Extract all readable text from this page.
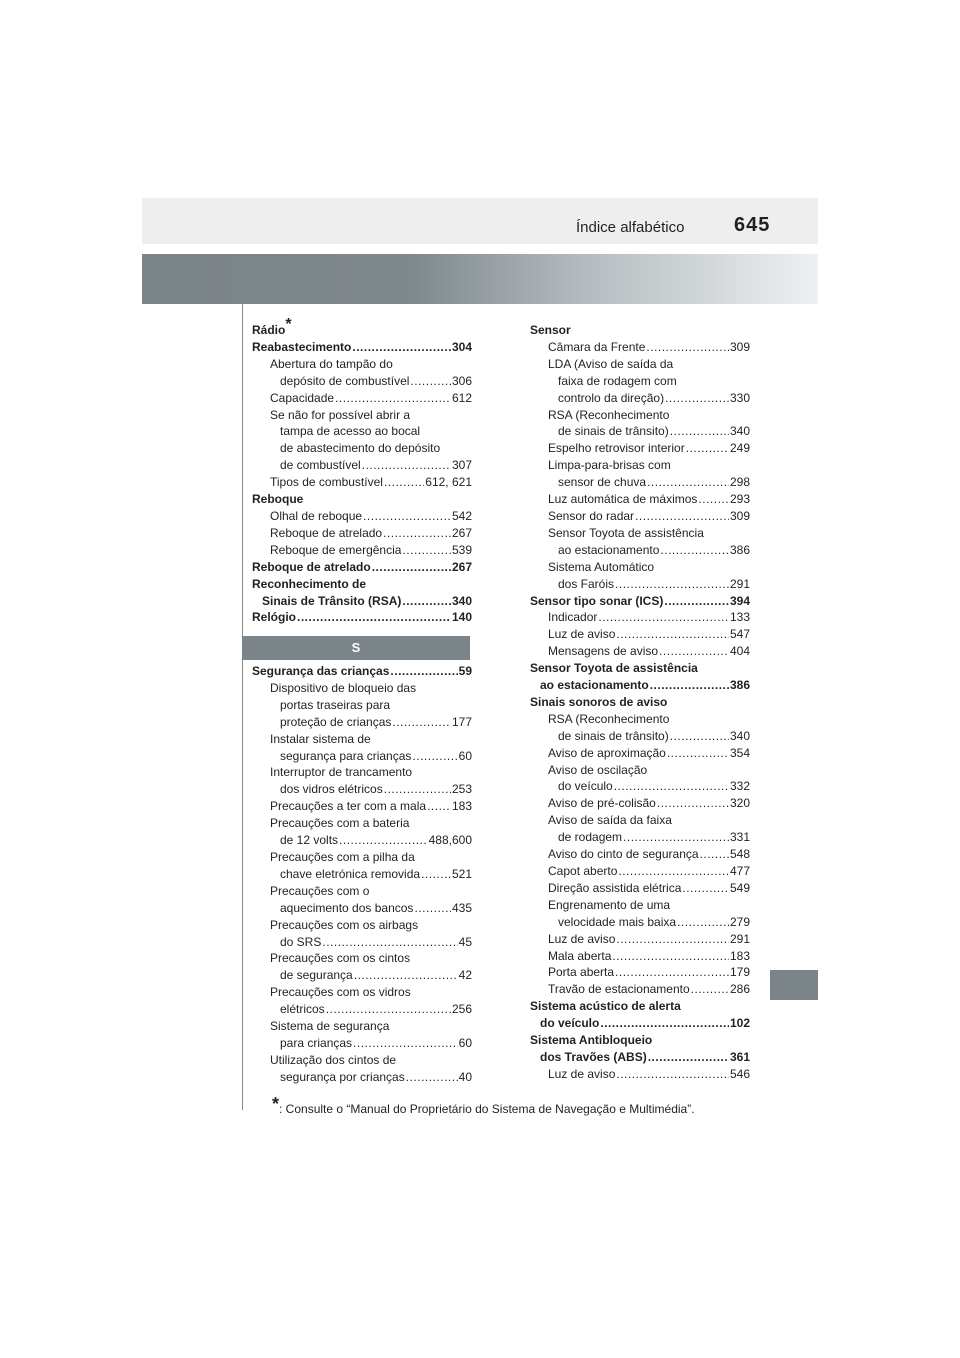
Índice alfabético 645
Rádio*
Reabastecimento .....	304
Abertura do tampão do
depósito de combustível .....	306
Capacidade .....	612
Se não for possível abrir a
tampa de acesso ao bocal
de abastecimento do depósito
de combustível .....	307
Tipos de combustível .....	612, 621
Reboque
Olhal de reboque .....	542
Reboque de atrelado .....	267
Reboque de emergência .....	539
Reboque de atrelado .....	267
Reconhecimento de
Sinais de Trânsito (RSA) .....	340
Relógio .....	140
S
Segurança das crianças .....	59
Dispositivo de bloqueio das
portas traseiras para
proteção de crianças .....	177
Instalar sistema de
segurança para crianças .....	60
Interruptor de trancamento
dos vidros elétricos .....	253
Precauções a ter com a mala ..... 183
Precauções com a bateria
de 12 volts .....	488,600
Precauções com a pilha da
chave eletrónica removida .....	521
Precauções com o
aquecimento dos bancos .....	435
Precauções com os airbags
do SRS .....	45
Precauções com os cintos
de segurança .....	42
Precauções com os vidros
elétricos .....	256
Sistema de segurança
para crianças .....	60
Utilização dos cintos de
segurança por crianças .....	40
Sensor
Câmara da Frente .....	309
LDA (Aviso de saída da
faixa de rodagem com
controlo da direção) .....	330
RSA (Reconhecimento
de sinais de trânsito) .....	340
Espelho retrovisor interior .....	249
Limpa-para-brisas com
sensor de chuva .....	298
Luz automática de máximos .....	293
Sensor do radar .....	309
Sensor Toyota de assistência
ao estacionamento .....	386
Sistema Automático
dos Faróis .....	291
Sensor tipo sonar (ICS) .....	394
Indicador .....	133
Luz de aviso .....	547
Mensagens de aviso .....	404
Sensor Toyota de assistência
ao estacionamento .....	386
Sinais sonoros de aviso
RSA (Reconhecimento
de sinais de trânsito) .....	340
Aviso de aproximação .....	354
Aviso de oscilação
do veículo .....	332
Aviso de pré-colisão .....	320
Aviso de saída da faixa
de rodagem .....	331
Aviso do cinto de segurança .....	548
Capot aberto .....	477
Direção assistida elétrica .....	549
Engrenamento de uma
velocidade mais baixa .....	279
Luz de aviso .....	291
Mala aberta .....	183
Porta aberta .....	179
Travão de estacionamento .....	286
Sistema acústico de alerta
do veículo .....	102
Sistema Antibloqueio
dos Travões (ABS) .....	361
Luz de aviso .....	546
*: Consulte o “Manual do Proprietário do Sistema de Navegação e Multimédia”.
